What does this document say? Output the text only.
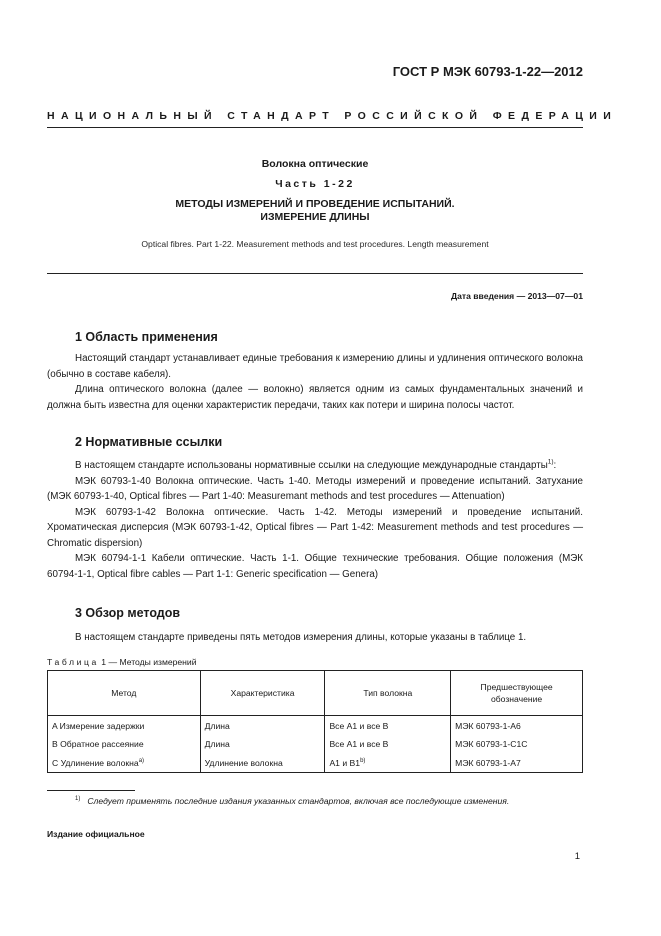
ГОСТ Р МЭК 60793-1-22—2012
НАЦИОНАЛЬНЫЙ СТАНДАРТ РОССИЙСКОЙ ФЕДЕРАЦИИ
Волокна оптические
Часть 1-22
МЕТОДЫ ИЗМЕРЕНИЙ И ПРОВЕДЕНИЕ ИСПЫТАНИЙ.
ИЗМЕРЕНИЕ ДЛИНЫ
Optical fibres. Part 1-22. Measurement methods and test procedures. Length measurement
Дата введения — 2013—07—01
1 Область применения

Настоящий стандарт устанавливает единые требования к измерению длины и удлинения оптического волокна (обычно в составе кабеля).

Длина оптического волокна (далее — волокно) является одним из самых фундаментальных значений и должна быть известна для оценки характеристик передачи, таких как потери и ширина полосы частот.

2 Нормативные ссылки

В настоящем стандарте использованы нормативные ссылки на следующие международные стандарты$^{1)}$:

МЭК 60793-1-40 Волокна оптические. Часть 1-40. Методы измерений и проведение испытаний. Затухание (МЭК 60793-1-40, Optical fibres — Part 1-40: Measuremant methods and test procedures — Attenuation)

МЭК 60793-1-42 Волокна оптические. Часть 1-42. Методы измерений и проведение испытаний. Хроматическая дисперсия (МЭК 60793-1-42, Optical fibres — Part 1-42: Measurement methods and test procedures — Chromatic dispersion)

МЭК 60794-1-1 Кабели оптические. Часть 1-1. Общие технические требования. Общие положения (МЭК 60794-1-1, Optical fibre cables — Part 1-1: Generic specification — Genera)

3 Обзор методов

В настоящем стандарте приведены пять методов измерения длины, которые указаны в таблице 1.

Таблица 1 — Методы измерений
Метод	Характеристика	Тип волокна	Предшествующее обозначение
A Измерение задержки	Длина	Все A1 и все B	МЭК 60793-1-A6
B Обратное рассеяние	Длина	Все A1 и все B	МЭК 60793-1-C1C
C Удлинение волокна$^{a)}$	Удлинение волокна	A1 и B1$^{b)}$	МЭК 60793-1-A7
$^{1)}$ Следует применять последние издания указанных стандартов, включая все последующие изменения.
Издание официальное
1
